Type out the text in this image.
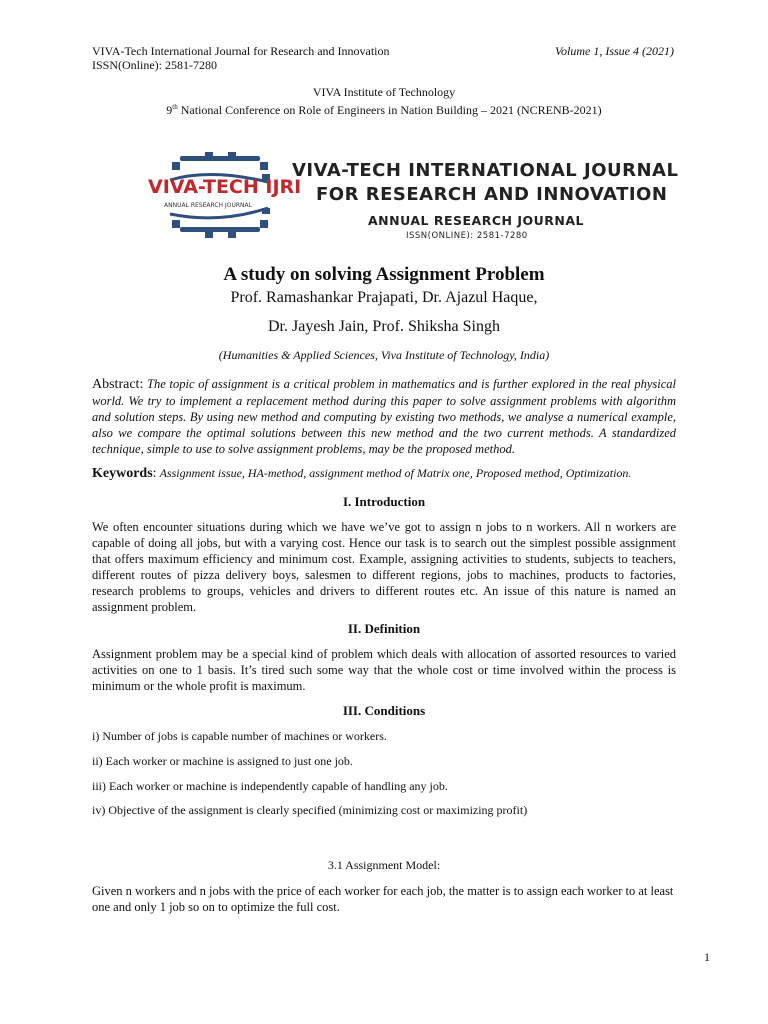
VIVA-Tech International Journal for Research and Innovation
ISSN(Online): 2581-7280
Volume 1, Issue 4 (2021)
VIVA Institute of Technology
9th National Conference on Role of Engineers in Nation Building – 2021 (NCRENB-2021)
VIVA-TECH IJRI
ANNUAL RESEARCH JOURNAL
VIVA-TECH INTERNATIONAL JOURNAL
FOR RESEARCH AND INNOVATION
ANNUAL RESEARCH JOURNAL
ISSN(ONLINE): 2581-7280
A study on solving Assignment Problem
Prof. Ramashankar Prajapati, Dr. Ajazul Haque,
Dr. Jayesh Jain, Prof. Shiksha Singh
(Humanities & Applied Sciences, Viva Institute of Technology, India)
Abstract: The topic of assignment is a critical problem in mathematics and is further explored in the real physical world. We try to implement a replacement method during this paper to solve assignment problems with algorithm and solution steps. By using new method and computing by existing two methods, we analyse a numerical example, also we compare the optimal solutions between this new method and the two current methods. A standardized technique, simple to use to solve assignment problems, may be the proposed method.
Keywords: Assignment issue, HA-method, assignment method of Matrix one, Proposed method, Optimization.
I. Introduction
We often encounter situations during which we have we’ve got to assign n jobs to n workers. All n workers are capable of doing all jobs, but with a varying cost. Hence our task is to search out the simplest possible assignment that offers maximum efficiency and minimum cost. Example, assigning activities to students, subjects to teachers, different routes of pizza delivery boys, salesmen to different regions, jobs to machines, products to factories, research problems to groups, vehicles and drivers to different routes etc. An issue of this nature is named an assignment problem.
II. Definition
Assignment problem may be a special kind of problem which deals with allocation of assorted resources to varied activities on one to 1 basis. It’s tired such some way that the whole cost or time involved within the process is minimum or the whole profit is maximum.
III. Conditions
i) Number of jobs is capable number of machines or workers.
ii) Each worker or machine is assigned to just one job.
iii) Each worker or machine is independently capable of handling any job.
iv) Objective of the assignment is clearly specified (minimizing cost or maximizing profit)
3.1 Assignment Model:
Given n workers and n jobs with the price of each worker for each job, the matter is to assign each worker to at least one and only 1 job so on to optimize the full cost.
1
